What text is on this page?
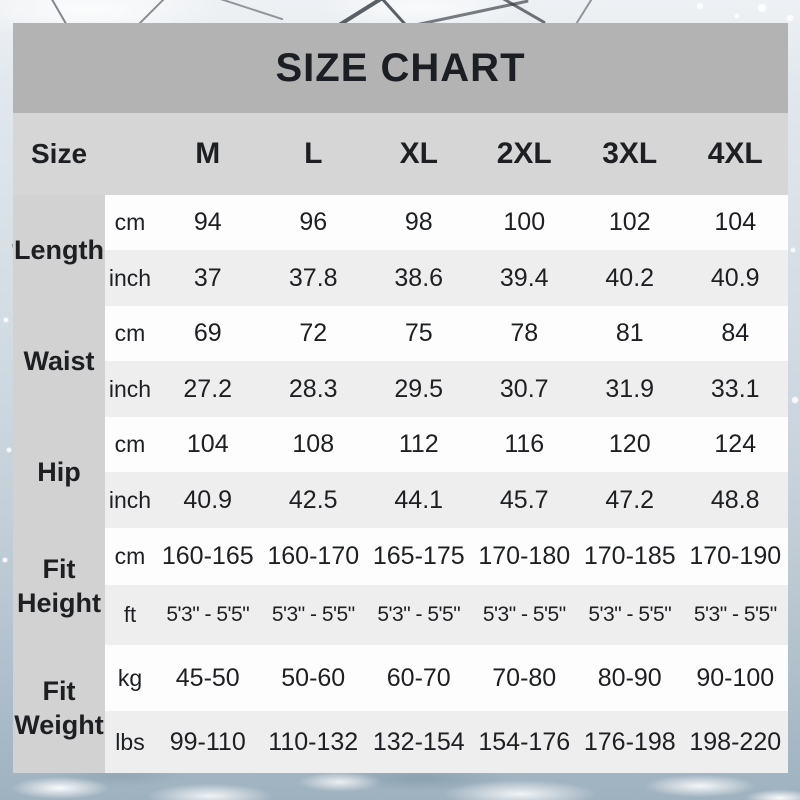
SIZE CHART
Size	M	L	XL	2XL	3XL	4XL
Length
cm	94	96	98	100	102	104
inch	37	37.8	38.6	39.4	40.2	40.9
Waist
cm	69	72	75	78	81	84
inch	27.2	28.3	29.5	30.7	31.9	33.1
Hip
cm	104	108	112	116	120	124
inch	40.9	42.5	44.1	45.7	47.2	48.8
Fit Height
cm 160-165 160-170 165-175 170-180 170-185 170-190
ft	5'3" - 5'5"	5'3" - 5'5"	5'3" - 5'5"	5'3" - 5'5"	5'3" - 5'5"	5'3" - 5'5"
Fit Weight
kg	45-50	50-60	60-70	70-80	80-90	90-100
lbs	99-110 110-132 132-154 154-176 176-198 198-220
